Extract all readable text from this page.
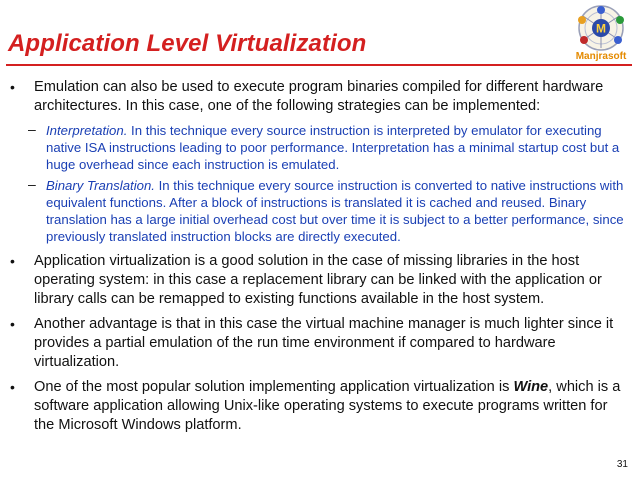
Application Level Virtualization
M
Manjrasoft
• Emulation can also be used to execute program binaries compiled for different hardware architectures. In this case, one of the following strategies can be implemented:
– Interpretation. In this technique every source instruction is interpreted by emulator for executing native ISA instructions leading to poor performance. Interpretation has a minimal startup cost but a huge overhead since each instruction is emulated.
– Binary Translation. In this technique every source instruction is converted to native instructions with equivalent functions. After a block of instructions is translated it is cached and reused. Binary translation has a large initial overhead cost but over time it is subject to a better performance, since previously translated instruction blocks are directly executed.
• Application virtualization is a good solution in the case of missing libraries in the host operating system: in this case a replacement library can be linked with the application or library calls can be remapped to existing functions available in the host system.
• Another advantage is that in this case the virtual machine manager is much lighter since it provides a partial emulation of the run time environment if compared to hardware virtualization.
• One of the most popular solution implementing application virtualization is Wine, which is a software application allowing Unix-like operating systems to execute programs written for the Microsoft Windows platform.
31
